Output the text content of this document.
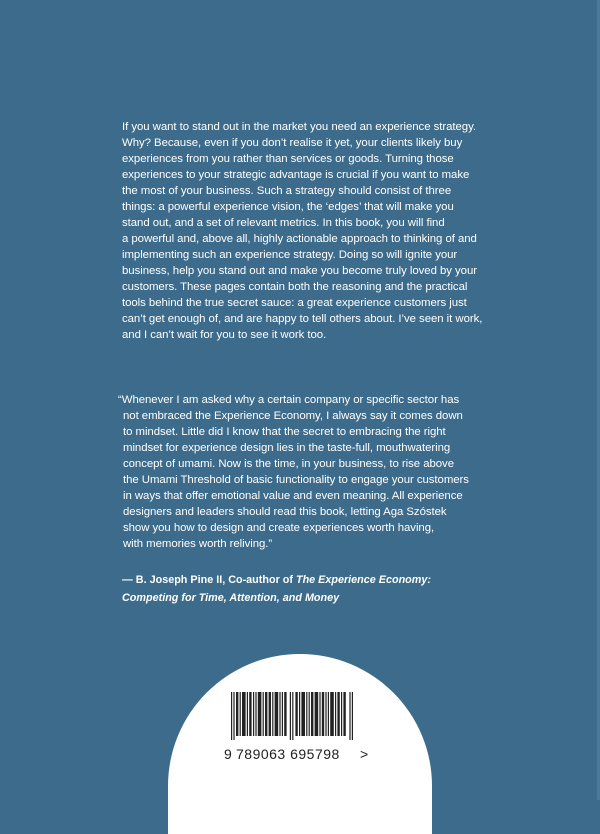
If you want to stand out in the market you need an experience strategy.
Why? Because, even if you don’t realise it yet, your clients likely buy
experiences from you rather than services or goods. Turning those
experiences to your strategic advantage is crucial if you want to make
the most of your business. Such a strategy should consist of three
things: a powerful experience vision, the ‘edges’ that will make you
stand out, and a set of relevant metrics. In this book, you will find
a powerful and, above all, highly actionable approach to thinking of and
implementing such an experience strategy. Doing so will ignite your
business, help you stand out and make you become truly loved by your
customers. These pages contain both the reasoning and the practical
tools behind the true secret sauce: a great experience customers just
can’t get enough of, and are happy to tell others about. I’ve seen it work,
and I can’t wait for you to see it work too.

“Whenever I am asked why a certain company or specific sector has
not embraced the Experience Economy, I always say it comes down
to mindset. Little did I know that the secret to embracing the right
mindset for experience design lies in the taste-full, mouthwatering
concept of umami. Now is the time, in your business, to rise above
the Umami Threshold of basic functionality to engage your customers
in ways that offer emotional value and even meaning. All experience
designers and leaders should read this book, letting Aga Szóstek
show you how to design and create experiences worth having,
with memories worth reliving.”

— B. Joseph Pine II, Co-author of The Experience Economy:
Competing for Time, Attention, and Money
9 789063 695798 >
